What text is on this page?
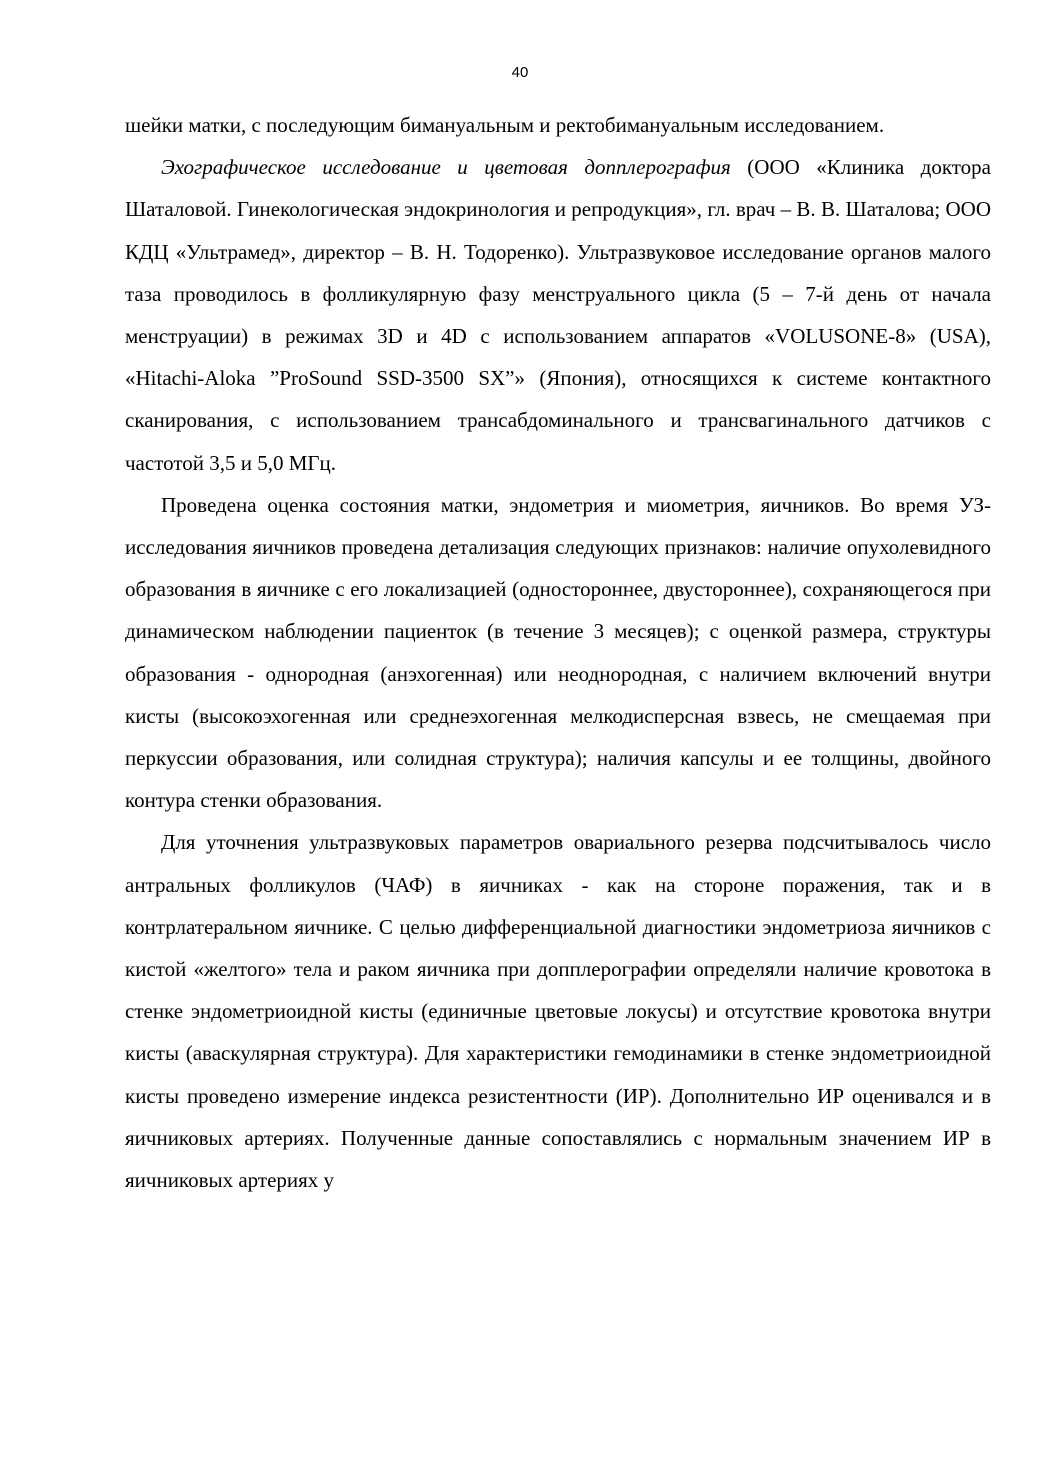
40

шейки матки, с последующим бимануальным и ректобимануальным исследованием.

Эхографическое исследование и цветовая допплерография (ООО «Клиника доктора Шаталовой. Гинекологическая эндокринология и репродукция», гл. врач – В. В. Шаталова; ООО КДЦ «Ультрамед», директор – В. Н. Тодоренко). Ультразвуковое исследование органов малого таза проводилось в фолликулярную фазу менструального цикла (5 – 7-й день от начала менструации) в режимах 3D и 4D с использованием аппаратов «VOLUSONE-8» (USA), «Hitachi-Aloka ”ProSound SSD-3500 SX”» (Япония), относящихся к системе контактного сканирования, с использованием трансабдоминального и трансвагинального датчиков с частотой 3,5 и 5,0 МГц.

Проведена оценка состояния матки, эндометрия и миометрия, яичников. Во время УЗ-исследования яичников проведена детализация следующих признаков: наличие опухолевидного образования в яичнике с его локализацией (одностороннее, двустороннее), сохраняющегося при динамическом наблюдении пациенток (в течение 3 месяцев); с оценкой размера, структуры образования - однородная (анэхогенная) или неоднородная, с наличием включений внутри кисты (высокоэхогенная или среднеэхогенная мелкодисперсная взвесь, не смещаемая при перкуссии образования, или солидная структура); наличия капсулы и ее толщины, двойного контура стенки образования.

Для уточнения ультразвуковых параметров овариального резерва подсчитывалось число антральных фолликулов (ЧАФ) в яичниках - как на стороне поражения, так и в контрлатеральном яичнике. С целью дифференциальной диагностики эндометриоза яичников с кистой «желтого» тела и раком яичника при допплерографии определяли наличие кровотока в стенке эндометриоидной кисты (единичные цветовые локусы) и отсутствие кровотока внутри кисты (аваскулярная структура). Для характеристики гемодинамики в стенке эндометриоидной кисты проведено измерение индекса резистентности (ИР). Дополнительно ИР оценивался и в яичниковых артериях. Полученные данные сопоставлялись с нормальным значением ИР в яичниковых артериях у
